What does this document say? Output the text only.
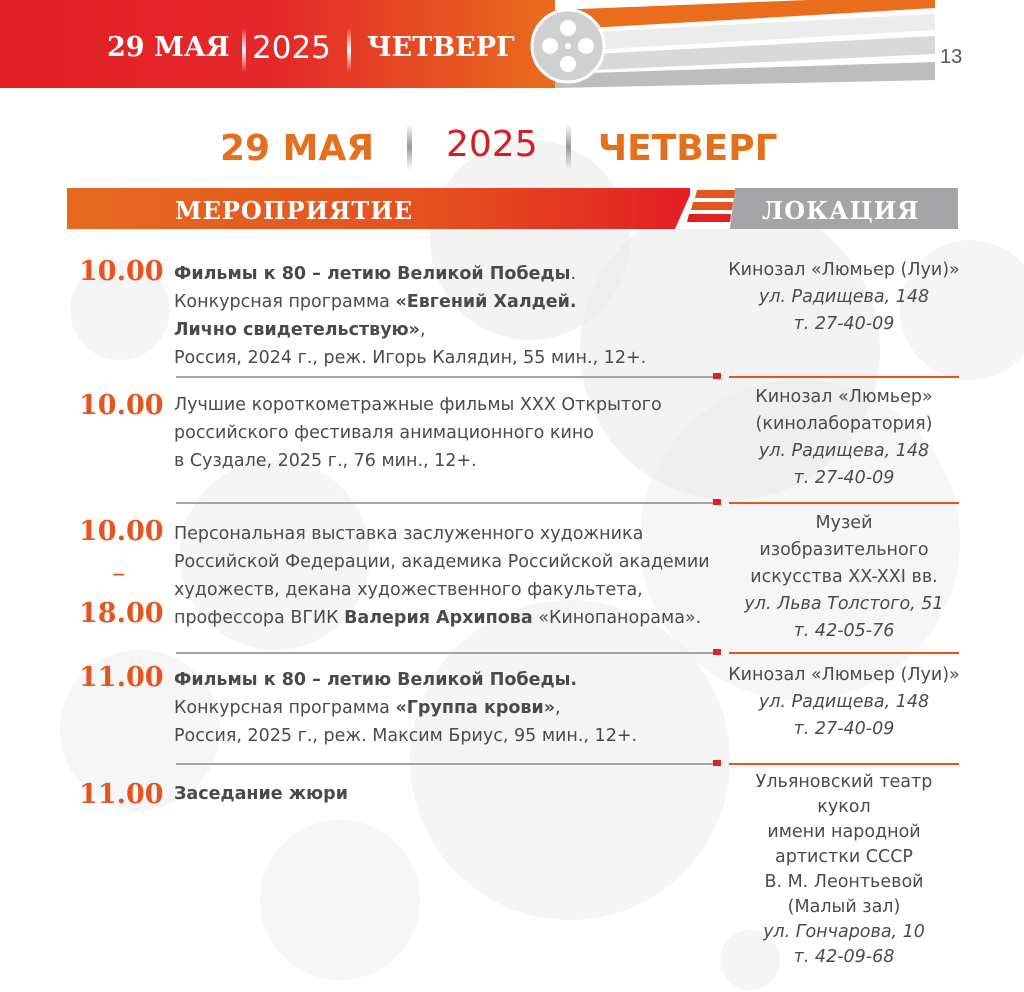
29 МАЯ 2025 ЧЕТВЕРГ	13
29 МАЯ 2025 ЧЕТВЕРГ
МЕРОПРИЯТИЕ	ЛОКАЦИЯ
10.00 Фильмы к 80 – летию Великой Победы.
Конкурсная программа «Евгений Халдей.
Лично свидетельствую»,
Россия, 2024 г., реж. Игорь Калядин, 55 мин., 12+.
Кинозал «Люмьер (Луи)»
ул. Радищева, 148
т. 27-40-09
10.00 Лучшие короткометражные фильмы XXX Открытого
российского фестиваля анимационного кино
в Суздале, 2025 г., 76 мин., 12+.
Кинозал «Люмьер»
(кинолаборатория)
ул. Радищева, 148
т. 27-40-09
10.00
–
18.00
Персональная выставка заслуженного художника
Российской Федерации, академика Российской академии
художеств, декана художественного факультета,
профессора ВГИК Валерия Архипова «Кинопанорама».
Музей
изобразительного
искусства XX-XXI вв.
ул. Льва Толстого, 51
т. 42-05-76
11.00 Фильмы к 80 – летию Великой Победы.
Конкурсная программа «Группа крови»,
Россия, 2025 г., реж. Максим Бриус, 95 мин., 12+.
Кинозал «Люмьер (Луи)»
ул. Радищева, 148
т. 27-40-09
11.00 Заседание жюри
Ульяновский театр кукол
имени народной
артистки СССР
В. М. Леонтьевой
(Малый зал)
ул. Гончарова, 10
т. 42-09-68
